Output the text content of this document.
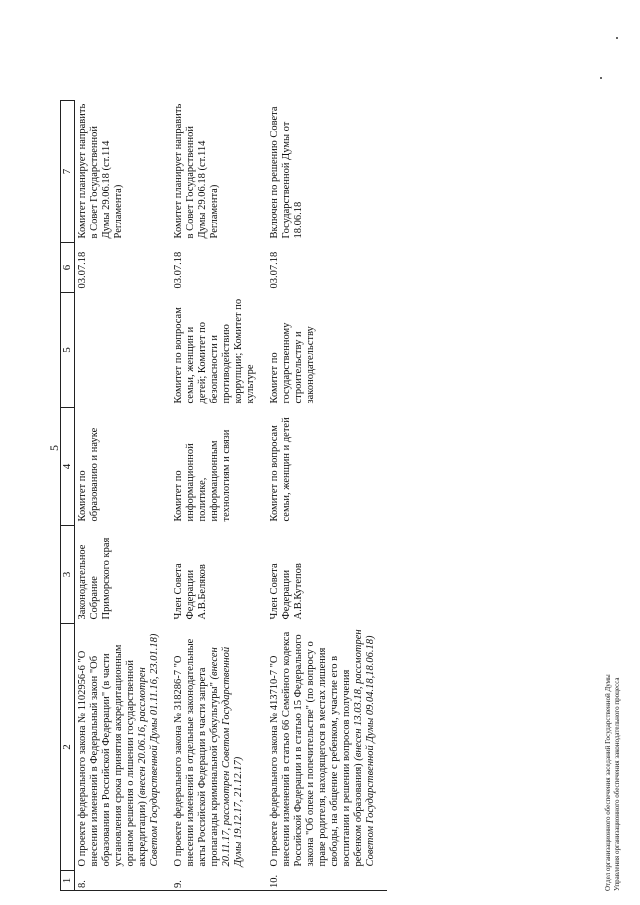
5
1	2	3	4	5	6	7
8.	О проекте федерального закона № 1102956-6 "О внесении изменений в Федеральный закон "Об образовании в Российской Федерации" (в части установления срока принятия аккредитационным органом решения о лишении государственной аккредитации) (внесен 20.06.16, рассмотрен Советом Государственной Думы 01.11.16, 23.01.18)	Законодательное Собрание Приморского края	Комитет по образованию и науке		03.07.18	Комитет планирует направить в Совет Государственной Думы 29.06.18 (ст.114 Регламента)
9.	О проекте федерального закона № 318286-7 "О внесении изменений в отдельные законодательные акты Российской Федерации в части запрета пропаганды криминальной субкультуры" (внесен 20.11.17, рассмотрен Советом Государственной Думы 19.12.17, 21.12.17)	Член Совета Федерации А.В.Беляков	Комитет по информационной политике, информационным технологиям и связи	Комитет по вопросам семьи, женщин и детей; Комитет по безопасности и противодействию коррупции; Комитет по культуре	03.07.18	Комитет планирует направить в Совет Государственной Думы 29.06.18 (ст.114 Регламента)
10.	О проекте федерального закона № 413710-7 "О внесении изменений в статью 66 Семейного кодекса Российской Федерации и в статью 15 Федерального закона "Об опеке и попечительстве" (по вопросу о праве родителя, находящегося в местах лишения свободы, на общение с ребенком, участие его в воспитании и решении вопросов получения ребенком образования) (внесен 13.03.18, рассмотрен Советом Государственной Думы 09.04.18,18.06.18)	Член Совета Федерации А.В.Кутепов	Комитет по вопросам семьи, женщин и детей	Комитет по государственному строительству и законодательству	03.07.18	Включен по решению Совета Государственной Думы от 18.06.18
Отдел организационного обеспечения заседаний Государственной Думы Управления организационного обеспечения законодательного процесса
